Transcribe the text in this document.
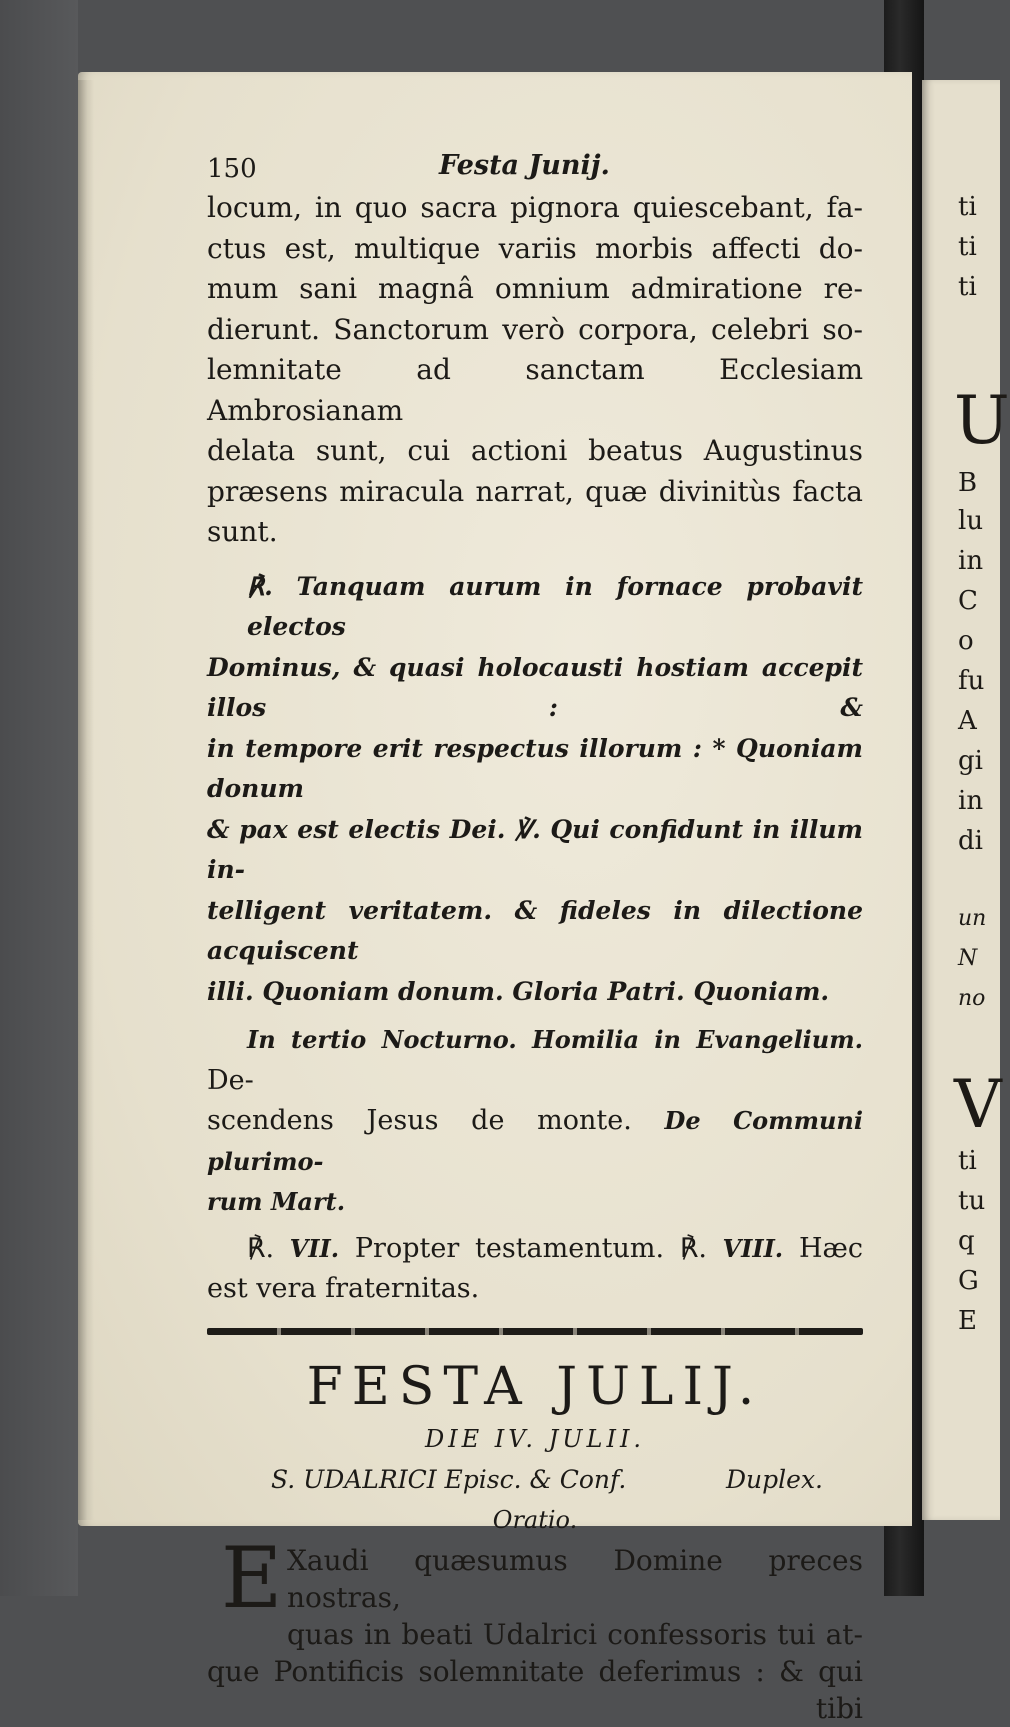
ti
ti
ti
U
B
lu
in
C
o
fu
A
gi
in
di
un
N
no
V
ti
tu
q
G
E
150	Festa Junij.
locum, in quo sacra pignora quiescebant, fa-
ctus est, multique variis morbis affecti do-
mum sani magnâ omnium admiratione re-
dierunt. Sanctorum verò corpora, celebri so-
lemnitate ad sanctam Ecclesiam Ambrosianam
delata sunt, cui actioni beatus Augustinus
præsens miracula narrat, quæ divinitùs facta
sunt.
℟. Tanquam aurum in fornace probavit electos
Dominus, & quasi holocausti hostiam accepit illos : &
in tempore erit respectus illorum : * Quoniam donum
& pax est electis Dei. ℣. Qui confidunt in illum in-
telligent veritatem. & fideles in dilectione acquiscent
illi. Quoniam donum. Gloria Patri. Quoniam.
In tertio Nocturno. Homilia in Evangelium. De-
scendens Jesus de monte. De Communi plurimo-
rum Mart.
℟. VII. Propter testamentum. ℟. VIII. Hæc
est vera fraternitas.
FESTA JULIJ.
DIE IV. JULII.
S. UDALRICI Episc. & Conf.	Duplex.
Oratio.
E Xaudi quæsumus Domine preces nostras,
quas in beati Udalrici confessoris tui at-
que Pontificis solemnitate deferimus : & qui
tibi
